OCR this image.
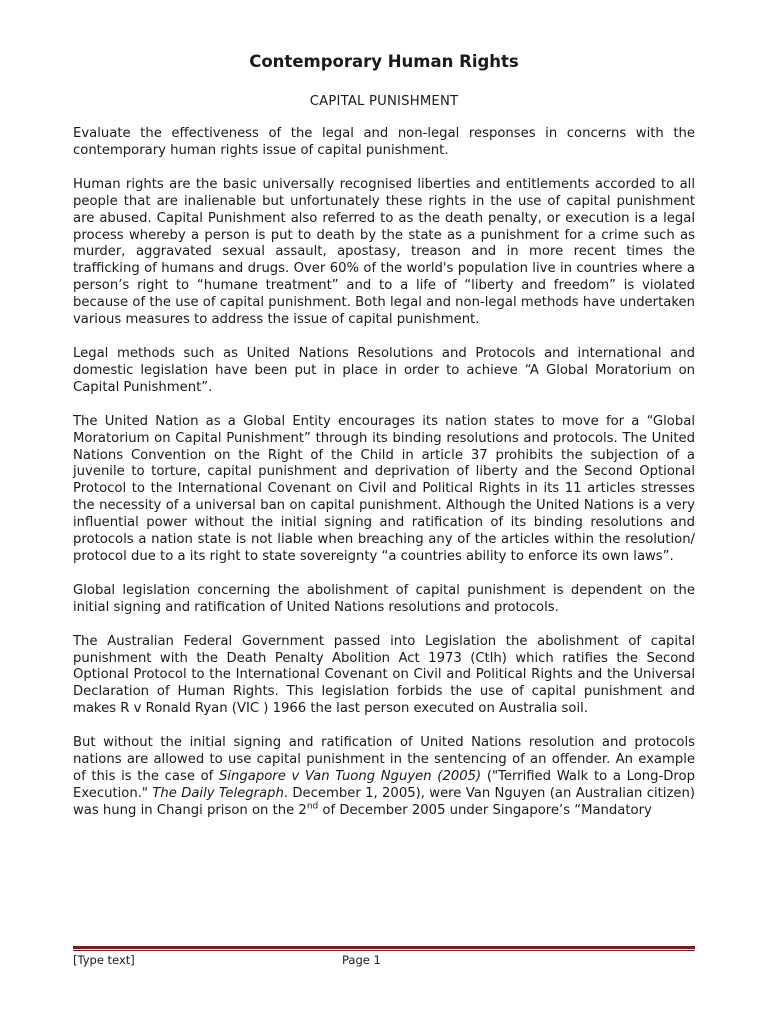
Contemporary Human Rights
CAPITAL PUNISHMENT

Evaluate the effectiveness of the legal and non-legal responses in concerns with the contemporary human rights issue of capital punishment.

Human rights are the basic universally recognised liberties and entitlements accorded to all people that are inalienable but unfortunately these rights in the use of capital punishment are abused. Capital Punishment also referred to as the death penalty, or execution is a legal process whereby a person is put to death by the state as a punishment for a crime such as murder, aggravated sexual assault, apostasy, treason and in more recent times the trafficking of humans and drugs. Over 60% of the world's population live in countries where a person’s right to “humane treatment” and to a life of “liberty and freedom” is violated because of the use of capital punishment. Both legal and non-legal methods have undertaken various measures to address the issue of capital punishment.

Legal methods such as United Nations Resolutions and Protocols and international and domestic legislation have been put in place in order to achieve “A Global Moratorium on Capital Punishment”.

The United Nation as a Global Entity encourages its nation states to move for a “Global Moratorium on Capital Punishment” through its binding resolutions and protocols. The United Nations Convention on the Right of the Child in article 37 prohibits the subjection of a juvenile to torture, capital punishment and deprivation of liberty and the Second Optional Protocol to the International Covenant on Civil and Political Rights in its 11 articles stresses the necessity of a universal ban on capital punishment. Although the United Nations is a very influential power without the initial signing and ratification of its binding resolutions and protocols a nation state is not liable when breaching any of the articles within the resolution/ protocol due to a its right to state sovereignty “a countries ability to enforce its own laws”.

Global legislation concerning the abolishment of capital punishment is dependent on the initial signing and ratification of United Nations resolutions and protocols.

The Australian Federal Government passed into Legislation the abolishment of capital punishment with the Death Penalty Abolition Act 1973 (Ctlh) which ratifies the Second Optional Protocol to the International Covenant on Civil and Political Rights and the Universal Declaration of Human Rights. This legislation forbids the use of capital punishment and makes R v Ronald Ryan (VIC ) 1966 the last person executed on Australia soil.

But without the initial signing and ratification of United Nations resolution and protocols nations are allowed to use capital punishment in the sentencing of an offender. An example of this is the case of Singapore v Van Tuong Nguyen (2005) ("Terrified Walk to a Long-Drop Execution." The Daily Telegraph. December 1, 2005), were Van Nguyen (an Australian citizen) was hung in Changi prison on the 2nd of December 2005 under Singapore’s “Mandatory

[Type text]	Page 1
